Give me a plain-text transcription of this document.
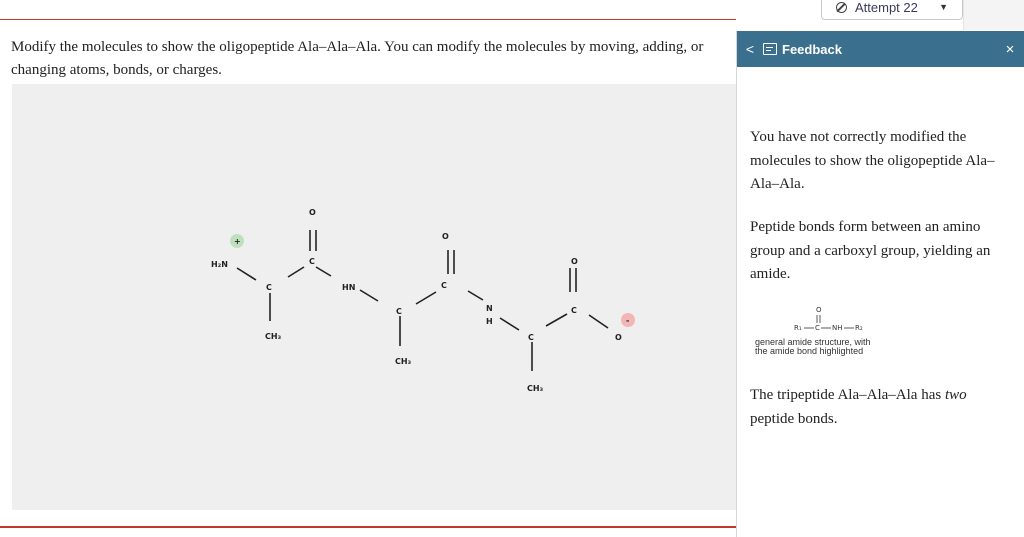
Attempt 22 ▼
Modify the molecules to show the oligopeptide Ala–Ala–Ala. You can modify the molecules by moving, adding, or changing atoms, bonds, or charges.
H₂N
+
C
CH₃
C
O
HN
C
CH₃
C
O
N
H
C
CH₃
C
O
-
O
<	Feedback	×
You have not correctly modified the molecules to show the oligopeptide Ala–Ala–Ala.
Peptide bonds form between an amino group and a carboxyl group, yielding an amide.
O
R₁ C NH R₂
general amide structure, with
the amide bond highlighted
The tripeptide Ala–Ala–Ala has two peptide bonds.
